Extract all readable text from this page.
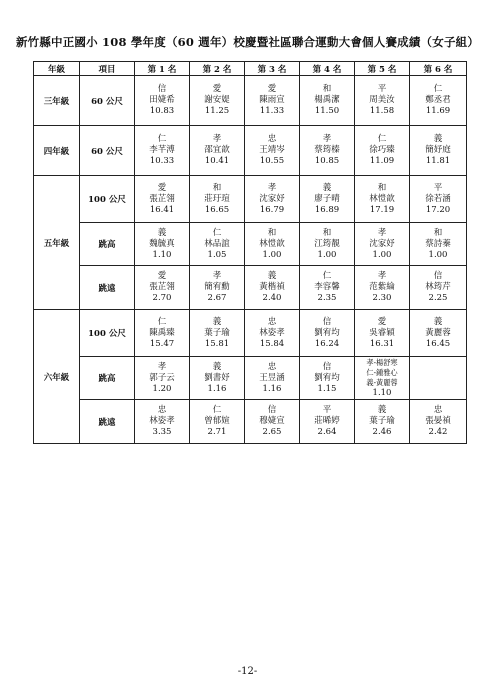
新竹縣中正國小 108 學年度（60 週年）校慶暨社區聯合運動大會個人賽成績（女子組）
年級	項目	第 1 名	第 2 名	第 3 名	第 4 名	第 5 名	第 6 名
三年級	60 公尺	信
田婕希
10.83	愛
謝安媞
11.25	愛
陳雨宣
11.33	和
楊禹潔
11.50	平
周美汝
11.58	仁
鄭丞君
11.69

四年級	60 公尺	仁
李芊溥
10.33	孝
邵宜歆
10.41	忠
王靖岑
10.55	孝
蔡筠榛
10.85	仁
徐巧臻
11.09	義
簡妤庭
11.81

五年級	100 公尺	愛
張芷翎
16.41	和
莊玗瑄
16.65	孝
沈家妤
16.79	義
廖子晴
16.89	和
林愷歆
17.19	平
徐若涵
17.20

	跳高	義
魏毓真
1.10	仁
林品誼
1.05	和
林愷歆
1.00	和
江筠靚
1.00	孝
沈家妤
1.00	和
蔡詩蓁
1.00

	跳遠	愛
張芷翎
2.70	孝
簡宥勳
2.67	義
黃楷禎
2.40	仁
李容馨
2.35	孝
范紫綸
2.30	信
林筠芹
2.25

六年級	100 公尺	仁
陳禹臻
15.47	義
葉子瑜
15.81	忠
林姿孝
15.84	信
劉宥均
16.24	愛
吳睿穎
16.31	義
黃麗蓉
16.45

	跳高	孝
郭子云
1.20	義
劉書妤
1.16	忠
王昱涵
1.16	信
劉宥均
1.15	孝-楊舒寒
仁-鍾雅心
義-黃麗蓉
1.10	

	跳遠	忠
林姿孝
3.35	仁
曾郁媗
2.71	信
穆婕宣
2.65	平
莊晞婷
2.64	義
葉子瑜
2.46	忠
張晏禎
2.42
-12-
